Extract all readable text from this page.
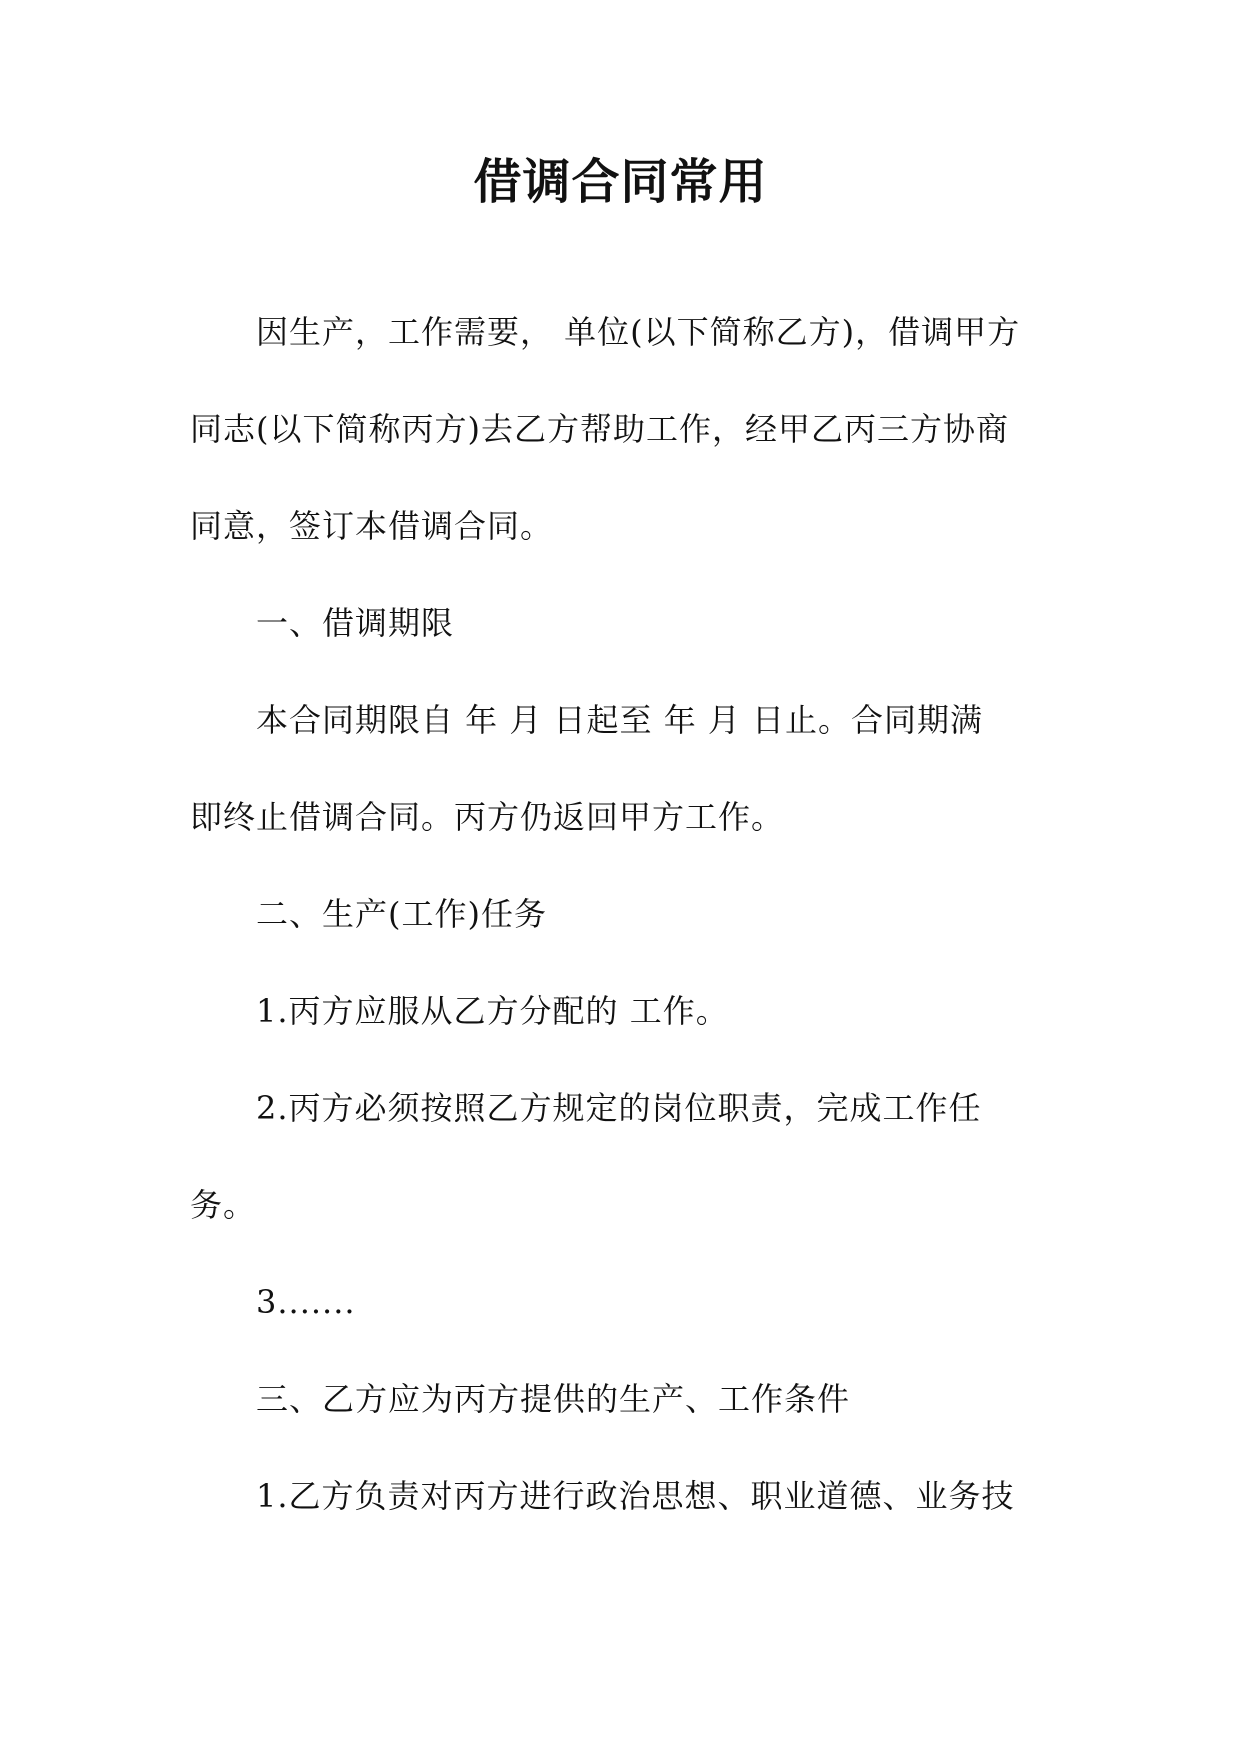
借调合同常用
因生产，工作需要， 单位(以下简称乙方)，借调甲方
同志(以下简称丙方)去乙方帮助工作，经甲乙丙三方协商
同意，签订本借调合同。
一、借调期限
本合同期限自 年 月 日起至 年 月 日止。合同期满
即终止借调合同。丙方仍返回甲方工作。
二、生产(工作)任务
1.丙方应服从乙方分配的 工作。
2.丙方必须按照乙方规定的岗位职责，完成工作任
务。
3.......
三、乙方应为丙方提供的生产、工作条件
1.乙方负责对丙方进行政治思想、职业道德、业务技
